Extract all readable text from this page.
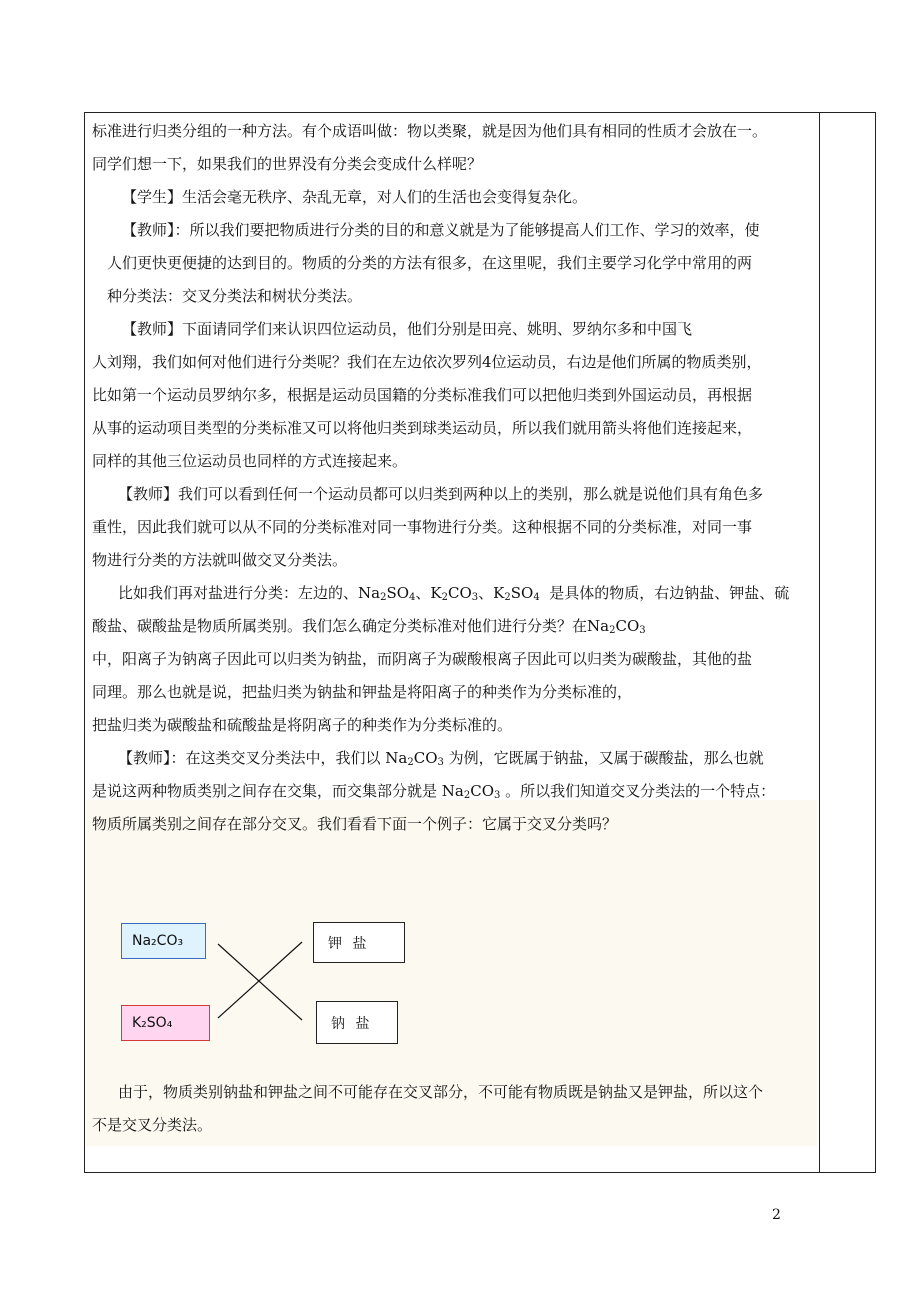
标准进行归类分组的一种方法。有个成语叫做：物以类聚，就是因为他们具有相同的性质才会放在一。

同学们想一下，如果我们的世界没有分类会变成什么样呢？

【学生】生活会毫无秩序、杂乱无章，对人们的生活也会变得复杂化。

【教师】：所以我们要把物质进行分类的目的和意义就是为了能够提高人们工作、学习的效率，使

人们更快更便捷的达到目的。物质的分类的方法有很多，在这里呢，我们主要学习化学中常用的两

种分类法：交叉分类法和树状分类法。

【教师】下面请同学们来认识四位运动员，他们分别是田亮、姚明、罗纳尔多和中国飞

人刘翔，我们如何对他们进行分类呢？我们在左边依次罗列4位运动员，右边是他们所属的物质类别，

比如第一个运动员罗纳尔多，根据是运动员国籍的分类标准我们可以把他归类到外国运动员，再根据

从事的运动项目类型的分类标准又可以将他归类到球类运动员，所以我们就用箭头将他们连接起来，

同样的其他三位运动员也同样的方式连接起来。

【教师】我们可以看到任何一个运动员都可以归类到两种以上的类别，那么就是说他们具有角色多

重性，因此我们就可以从不同的分类标准对同一事物进行分类。这种根据不同的分类标准，对同一事

物进行分类的方法就叫做交叉分类法。

比如我们再对盐进行分类：左边的、$Na_2SO_4$、$K_2CO_3$、$K_2SO_4$ 是具体的物质，右边钠盐、钾盐、硫

酸盐、碳酸盐是物质所属类别。我们怎么确定分类标准对他们进行分类？在$Na_2CO_3$

中，阳离子为钠离子因此可以归类为钠盐，而阴离子为碳酸根离子因此可以归类为碳酸盐，其他的盐

同理。那么也就是说，把盐归类为钠盐和钾盐是将阳离子的种类作为分类标准的，

把盐归类为碳酸盐和硫酸盐是将阴离子的种类作为分类标准的。

【教师】：在这类交叉分类法中，我们以 $Na_2CO_3$ 为例，它既属于钠盐，又属于碳酸盐，那么也就

是说这两种物质类别之间存在交集，而交集部分就是 $Na_2CO_3$ 。所以我们知道交叉分类法的一个特点：

物质所属类别之间存在部分交叉。我们看看下面一个例子：它属于交叉分类吗？

Na₂CO₃
K₂SO₄
钾 盐
钠 盐

由于，物质类别钠盐和钾盐之间不可能存在交叉部分，不可能有物质既是钠盐又是钾盐，所以这个

不是交叉分类法。

2
